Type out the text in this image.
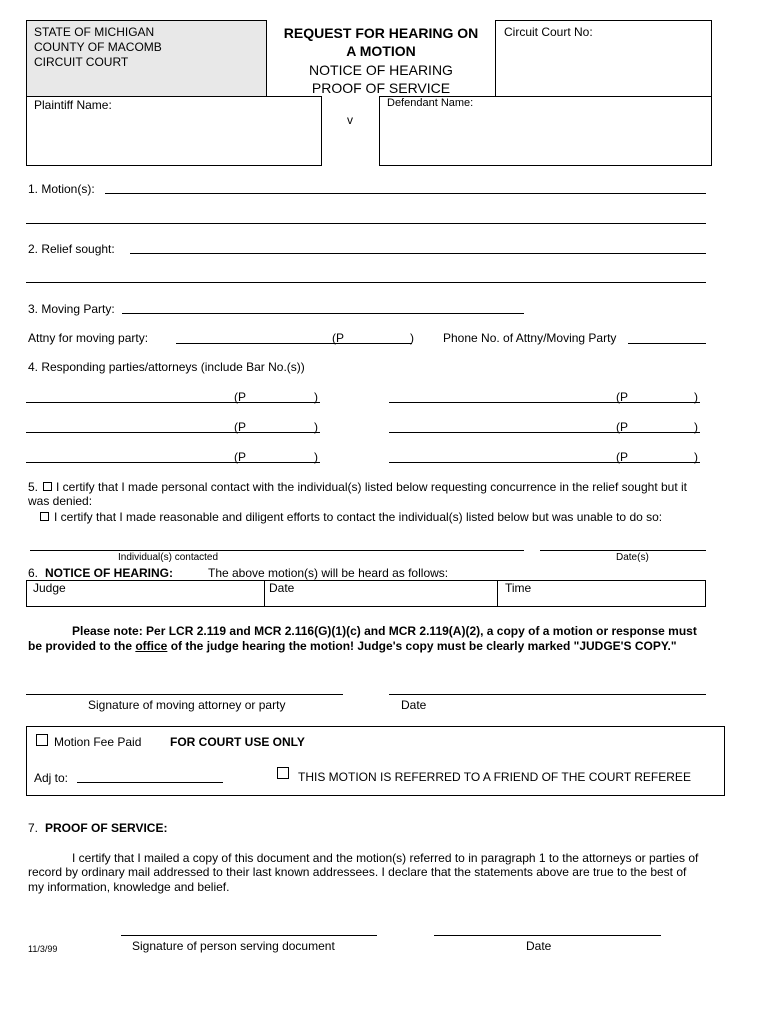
STATE OF MICHIGAN
COUNTY OF MACOMB
CIRCUIT COURT
REQUEST FOR HEARING ON
A MOTION
NOTICE OF HEARING
PROOF OF SERVICE
Circuit Court No:
Plaintiff Name:
v
Defendant Name:
1. Motion(s):
2. Relief sought:
3. Moving Party:
Attny for moving party:	(P	) Phone No. of Attny/Moving Party
4. Responding parties/attorneys (include Bar No.(s))
(P	)	(P	)
(P	)	(P	)
(P	)	(P	)
5. I certify that I made personal contact with the individual(s) listed below requesting concurrence in the relief sought but it
was denied:
I certify that I made reasonable and diligent efforts to contact the individual(s) listed below but was unable to do so:
Individual(s) contacted	Date(s)
6. NOTICE OF HEARING:	The above motion(s) will be heard as follows:
Judge	Date	Time
Please note: Per LCR 2.119 and MCR 2.116(G)(1)(c) and MCR 2.119(A)(2), a copy of a motion or response must
be provided to the office of the judge hearing the motion! Judge's copy must be clearly marked "JUDGE'S COPY."
Signature of moving attorney or party	Date
Motion Fee Paid FOR COURT USE ONLY
Adj to:	THIS MOTION IS REFERRED TO A FRIEND OF THE COURT REFEREE
7. PROOF OF SERVICE:
I certify that I mailed a copy of this document and the motion(s) referred to in paragraph 1 to the attorneys or parties of
record by ordinary mail addressed to their last known addressees. I declare that the statements above are true to the best of
my information, knowledge and belief.
11/3/99	Signature of person serving document	Date
